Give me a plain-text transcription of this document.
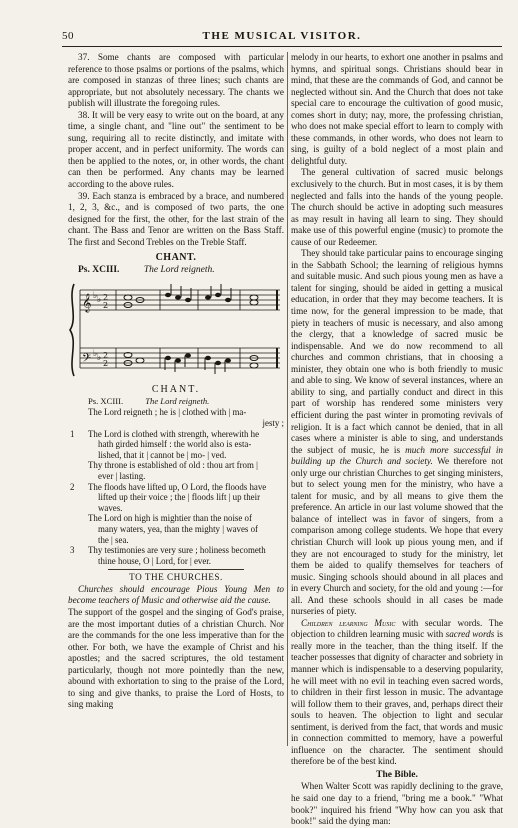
50	THE MUSICAL VISITOR.

37. Some chants are composed with particular reference to those psalms or portions of the psalms, which are composed in stanzas of three lines; such chants are appropriate, but not absolutely necessary. The chants we publish will illustrate the foregoing rules.

38. It will be very easy to write out on the board, at any time, a single chant, and "line out" the sentiment to be sung, requiring all to recite distinctly, and imitate with proper accent, and in perfect uniformity. The words can then be applied to the notes, or, in other words, the chant can then be performed. Any chants may be learned according to the above rules.

39. Each stanza is embraced by a brace, and numbered 1, 2, 3, &c., and is composed of two parts, the one designed for the first, the other, for the last strain of the chant. The Bass and Tenor are written on the Bass Staff. The first and Second Trebles on the Treble Staff.

CHANT.
Ps. XCIII.	The Lord reigneth.
𝄞
𝄢
♭ ♭
♭ ♭
2
2
2
2
CHANT.
Ps. XCIII.	The Lord reigneth.
The Lord reigneth ; he is | clothed with | ma-
jesty ;
1 The Lord is clothed with strength, wherewith he
hath girded himself : the world also is esta-
lished, that it | cannot be | mo- | ved.
Thy throne is established of old : thou art from |
ever | lasting.
2 The floods have lifted up, O Lord, the floods have
lifted up their voice ; the | floods lift | up their
waves.
The Lord on high is mightier than the noise of
many waters, yea, than the mighty | waves of
the | sea.
3 Thy testimonies are very sure ; holiness becometh
thine house, O | Lord, for | ever.
TO THE CHURCHES.

Churches should encourage Pious Young Men to become teachers of Music and otherwise aid the cause.

The support of the gospel and the singing of God's praise, are the most important duties of a christian Church. Nor are the commands for the one less imperative than for the other. For both, we have the example of Christ and his apostles; and the sacred scriptures, the old testament particularly, though not more pointedly than the new, abound with exhortation to sing to the praise of the Lord, to sing and give thanks, to praise the Lord of Hosts, to sing making

melody in our hearts, to exhort one another in psalms and hymns, and spiritual songs. Christians should bear in mind, that these are the commands of God, and cannot be neglected without sin. And the Church that does not take special care to encourage the cultivation of good music, comes short in duty; nay, more, the professing christian, who does not make special effort to learn to comply with these commands, in other words, who does not learn to sing, is guilty of a bold neglect of a most plain and delightful duty.

The general cultivation of sacred music belongs exclusively to the church. But in most cases, it is by them neglected and falls into the hands of the young people. The church should be active in adopting such measures as may result in having all learn to sing. They should make use of this powerful engine (music) to promote the cause of our Redeemer.

They should take particular pains to encourage singing in the Sabbath School; the learning of religious hymns and suitable music. And such pious young men as have a talent for singing, should be aided in getting a musical education, in order that they may become teachers. It is time now, for the general impression to be made, that piety in teachers of music is necessary, and also among the clergy, that a knowledge of sacred music be indispensable. And we do now recommend to all churches and common christians, that in choosing a minister, they obtain one who is both friendly to music and able to sing. We know of several instances, where an ability to sing, and partially conduct and direct in this part of worship has rendered some ministers very efficient during the past winter in promoting revivals of religion. It is a fact which cannot be denied, that in all cases where a minister is able to sing, and understands the subject of music, he is much more successful in building up the Church and society. We therefore not only urge our christian Churches to get singing ministers, but to select young men for the ministry, who have a talent for music, and by all means to give them the preference. An article in our last volume showed that the balance of intellect was in favor of singers, from a comparison among college students. We hope that every christian Church will look up pious young men, and if they are not encouraged to study for the ministry, let them be aided to qualify themselves for teachers of music. Singing schools should abound in all places and in every Church and society, for the old and young :—for all. And these schools should in all cases be made nurseries of piety.

Children learning Music with secular words. The objection to children learning music with sacred words is really more in the teacher, than the thing itself. If the teacher possesses that dignity of character and sobriety in manner which is indispensable to a deserving popularity, he will meet with no evil in teaching even sacred words, to children in their first lesson in music. The advantage will follow them to their graves, and, perhaps direct their souls to heaven. The objection to light and secular sentiment, is derived from the fact, that words and music in connection committed to memory, have a powerful influence on the character. The sentiment should therefore be of the best kind.

The Bible.

When Walter Scott was rapidly declining to the grave, he said one day to a friend, "bring me a book." "What book?" inquired his friend "Why how can you ask that book!" said the dying man:
